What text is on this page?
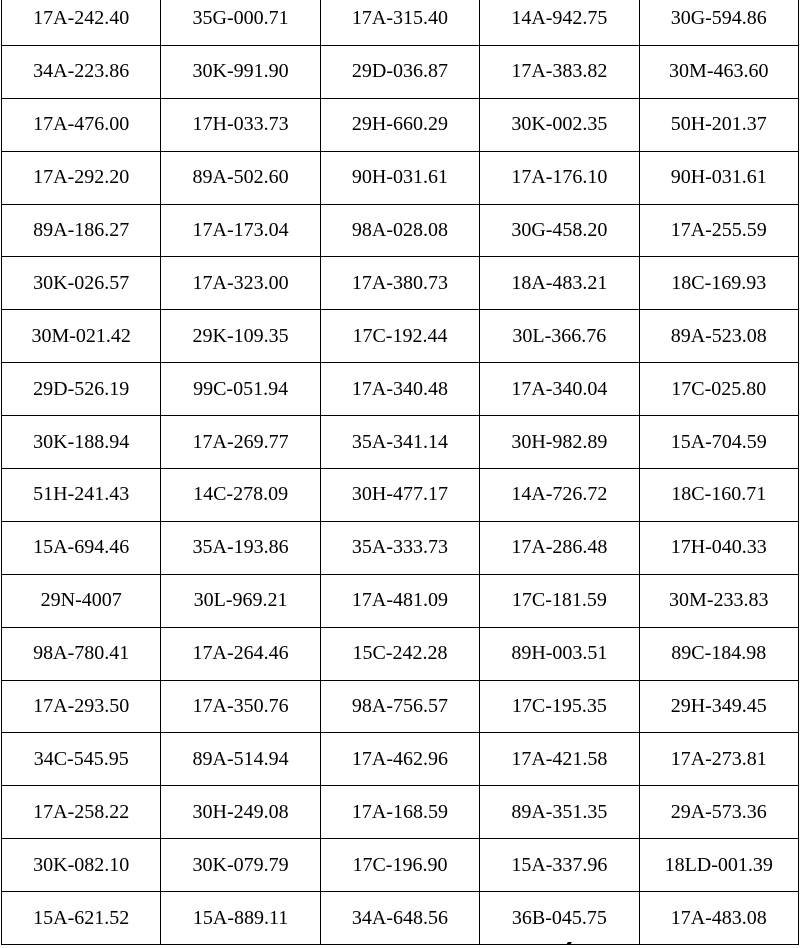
17A-242.40	35G-000.71	17A-315.40	14A-942.75	30G-594.86
34A-223.86	30K-991.90	29D-036.87	17A-383.82	30M-463.60
17A-476.00	17H-033.73	29H-660.29	30K-002.35	50H-201.37
17A-292.20	89A-502.60	90H-031.61	17A-176.10	90H-031.61
89A-186.27	17A-173.04	98A-028.08	30G-458.20	17A-255.59
30K-026.57	17A-323.00	17A-380.73	18A-483.21	18C-169.93
30M-021.42	29K-109.35	17C-192.44	30L-366.76	89A-523.08
29D-526.19	99C-051.94	17A-340.48	17A-340.04	17C-025.80
30K-188.94	17A-269.77	35A-341.14	30H-982.89	15A-704.59
51H-241.43	14C-278.09	30H-477.17	14A-726.72	18C-160.71
15A-694.46	35A-193.86	35A-333.73	17A-286.48	17H-040.33
29N-4007	30L-969.21	17A-481.09	17C-181.59	30M-233.83
98A-780.41	17A-264.46	15C-242.28	89H-003.51	89C-184.98
17A-293.50	17A-350.76	98A-756.57	17C-195.35	29H-349.45
34C-545.95	89A-514.94	17A-462.96	17A-421.58	17A-273.81
17A-258.22	30H-249.08	17A-168.59	89A-351.35	29A-573.36
30K-082.10	30K-079.79	17C-196.90	15A-337.96	18LD-001.39
15A-621.52	15A-889.11	34A-648.56	36B-045.75	17A-483.08
